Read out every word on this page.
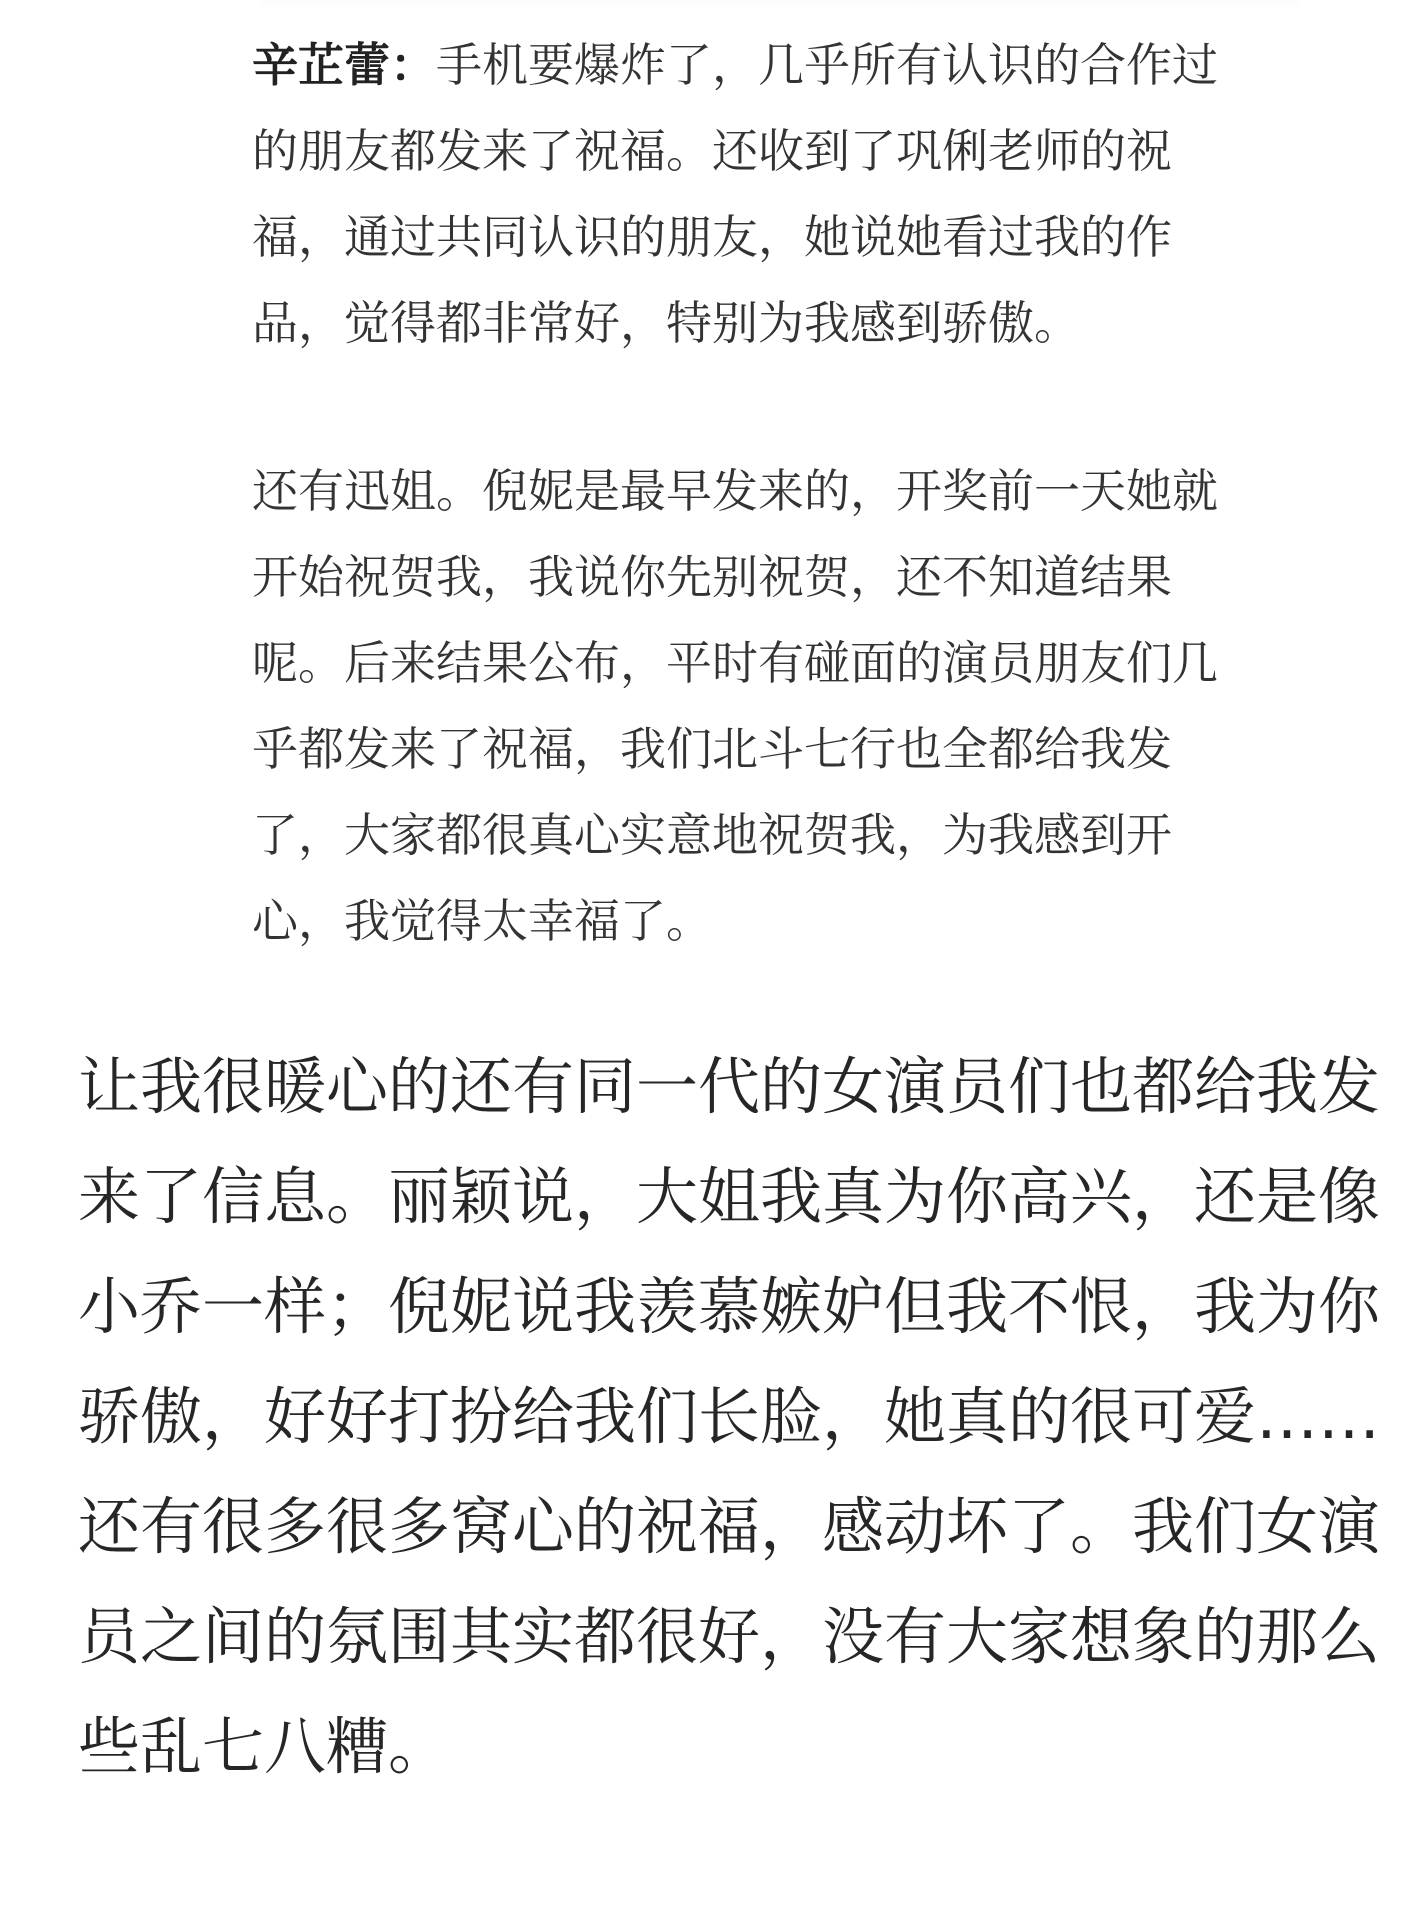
辛芷蕾：手机要爆炸了，几乎所有认识的合作过
的朋友都发来了祝福。还收到了巩俐老师的祝
福，通过共同认识的朋友，她说她看过我的作
品，觉得都非常好，特别为我感到骄傲。
还有迅姐。倪妮是最早发来的，开奖前一天她就
开始祝贺我，我说你先别祝贺，还不知道结果
呢。后来结果公布，平时有碰面的演员朋友们几
乎都发来了祝福，我们北斗七行也全都给我发
了，大家都很真心实意地祝贺我，为我感到开
心，我觉得太幸福了。
让我很暖心的还有同一代的女演员们也都给我发
来了信息。丽颖说，大姐我真为你高兴，还是像
小乔一样；倪妮说我羡慕嫉妒但我不恨，我为你
骄傲，好好打扮给我们长脸，她真的很可爱……
还有很多很多窝心的祝福，感动坏了。我们女演
员之间的氛围其实都很好，没有大家想象的那么
些乱七八糟。
